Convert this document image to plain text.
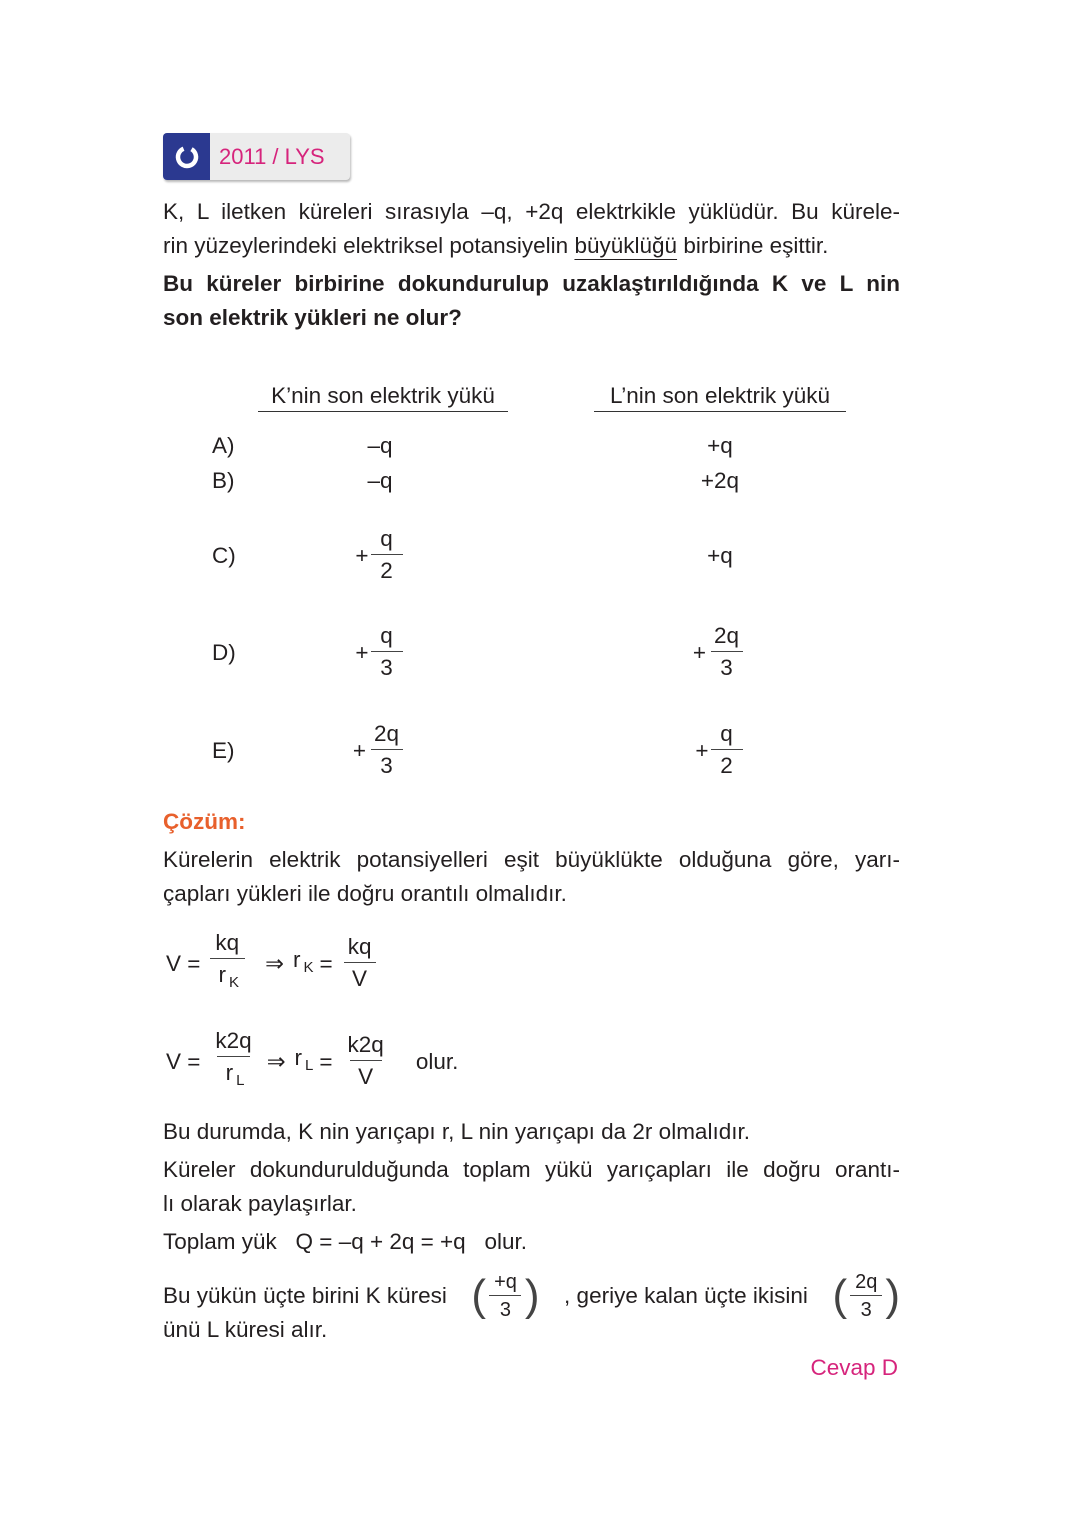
2011 / LYS
K, L iletken küreleri sırasıyla –q, +2q elektrkikle yüklüdür. Bu kürele-
rin yüzeylerindeki elektriksel potansiyelin büyüklüğü birbirine eşittir.
Bu küreler birbirine dokundurulup uzaklaştırıldığında K ve L nin
son elektrik yükleri ne olur?
K’nin son elektrik yükü	L’nin son elektrik yükü
A)	–q	+q
B)	–q	+2q
C)	+ $\frac{q}{2}$	+q
D)	+ $\frac{q}{3}$	+ $\frac{2q}{3}$
E)	+ $\frac{2q}{3}$	+ $\frac{q}{2}$
Çözüm:
Kürelerin elektrik potansiyelleri eşit büyüklükte olduğuna göre, yarı-
çapları yükleri ile doğru orantılı olmalıdır.
$V = \frac{kq}{r _K}$ ⇒ r $_K = \frac{kq}{V}$
$V = \frac{k2q}{r _L}$ ⇒ r $_L = \frac{k2q}{V}$ olur.
Bu durumda, K nin yarıçapı r, L nin yarıçapı da 2r olmalıdır.
Küreler dokundurulduğunda toplam yükü yarıçapları ile doğru orantı-
lı olarak paylaşırlar.
Toplam yük   Q = –q + 2q = +q   olur.
Bu yükün üçte birini K küresi ( $\frac{+q}{3}$ ) , geriye kalan üçte ikisini ( $\frac{2q}{3}$ )
ünü L küresi alır.
Cevap D
